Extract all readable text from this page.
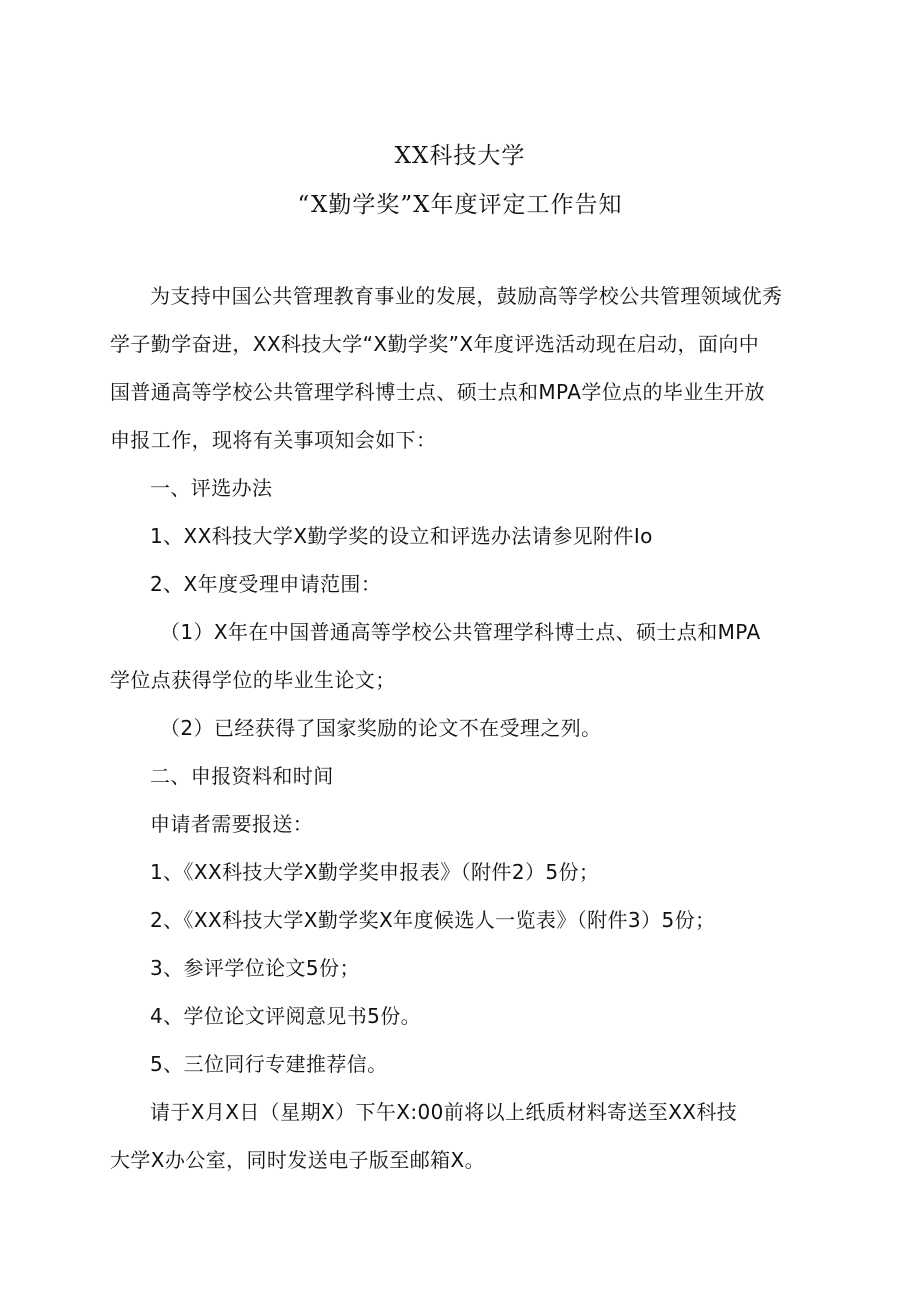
XX科技大学
“X勤学奖”X年度评定工作告知
为支持中国公共管理教育事业的发展，鼓励高等学校公共管理领域优秀
学子勤学奋进，XX科技大学“X勤学奖”X年度评选活动现在启动，面向中
国普通高等学校公共管理学科博士点、硕士点和MPA学位点的毕业生开放
申报工作，现将有关事项知会如下：
一、评选办法
1、XX科技大学X勤学奖的设立和评选办法请参见附件Io
2、X年度受理申请范围：
（1）X年在中国普通高等学校公共管理学科博士点、硕士点和MPA
学位点获得学位的毕业生论文；
（2）已经获得了国家奖励的论文不在受理之列。
二、申报资料和时间
申请者需要报送：
1、《XX科技大学X勤学奖申报表》（附件2）5份；
2、《XX科技大学X勤学奖X年度候选人一览表》（附件3）5份；
3、参评学位论文5份；
4、学位论文评阅意见书5份。
5、三位同行专建推荐信。
请于X月X日（星期X）下午X:00前将以上纸质材料寄送至XX科技
大学X办公室，同时发送电子版至邮箱X。
